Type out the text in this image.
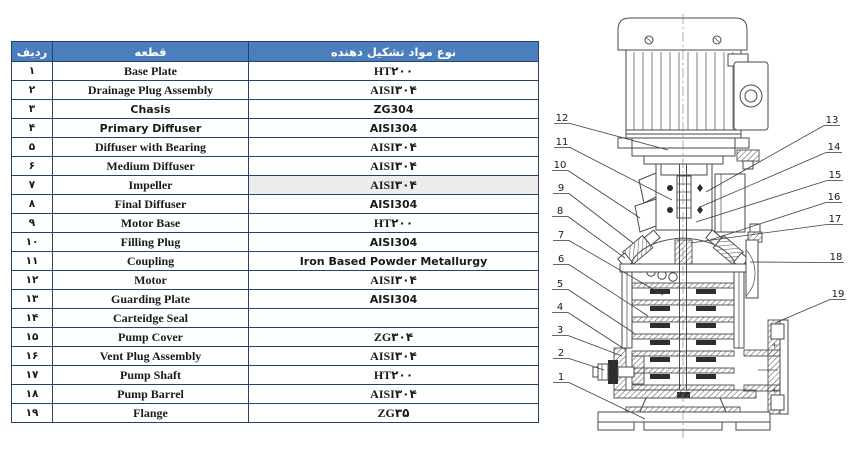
ردیف	قطعه	نوع مواد تشکیل دهنده
۱	Base Plate	HT۲۰۰
۲	Drainage Plug Assembly	AISI۳۰۴
۳	Chasis	ZG304
۴	Primary Diffuser	AISI304
۵	Diffuser with Bearing	AISI۳۰۴
۶	Medium Diffuser	AISI۳۰۴
۷	Impeller	AISI۳۰۴
۸	Final Diffuser	AISI304
۹	Motor Base	HT۲۰۰
۱۰	Filling Plug	AISI304
۱۱	Coupling	Iron Based Powder Metallurgy
۱۲	Motor	AISI۳۰۴
۱۳	Guarding Plate	AISI304
۱۴	Carteidge Seal	
۱۵	Pump Cover	ZG۳۰۴
۱۶	Vent Plug Assembly	AISI۳۰۴
۱۷	Pump Shaft	HT۲۰۰
۱۸	Pump Barrel	AISI۳۰۴
۱۹	Flange	ZG۳۵
12
11
10
9
8
7
6
5
4
3
2
1
13
14
15
16
17
18
19
